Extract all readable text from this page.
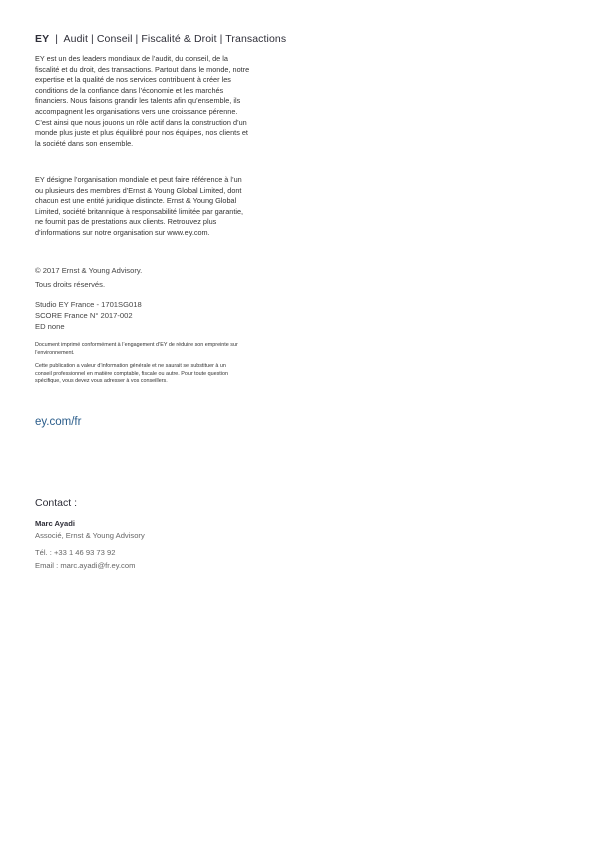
EY | Audit | Conseil | Fiscalité & Droit | Transactions
EY est un des leaders mondiaux de l’audit, du conseil, de la fiscalité et du droit, des transactions. Partout dans le monde, notre expertise et la qualité de nos services contribuent à créer les conditions de la confiance dans l’économie et les marchés financiers. Nous faisons grandir les talents afin qu’ensemble, ils accompagnent les organisations vers une croissance pérenne. C’est ainsi que nous jouons un rôle actif dans la construction d’un monde plus juste et plus équilibré pour nos équipes, nos clients et la société dans son ensemble.
EY désigne l’organisation mondiale et peut faire référence à l’un ou plusieurs des membres d’Ernst & Young Global Limited, dont chacun est une entité juridique distincte. Ernst & Young Global Limited, société britannique à responsabilité limitée par garantie, ne fournit pas de prestations aux clients. Retrouvez plus d’informations sur notre organisation sur www.ey.com.
© 2017 Ernst & Young Advisory.
Tous droits réservés.
Studio EY France - 1701SG018
SCORE France N° 2017-002
ED none
Document imprimé conformément à l’engagement d’EY de réduire son empreinte sur l’environnement.
Cette publication a valeur d’information générale et ne saurait se substituer à un conseil professionnel en matière comptable, fiscale ou autre. Pour toute question spécifique, vous devez vous adresser à vos conseillers.
ey.com/fr
Contact :
Marc Ayadi
Associé, Ernst & Young Advisory
Tél. : +33 1 46 93 73 92
Email : marc.ayadi@fr.ey.com
